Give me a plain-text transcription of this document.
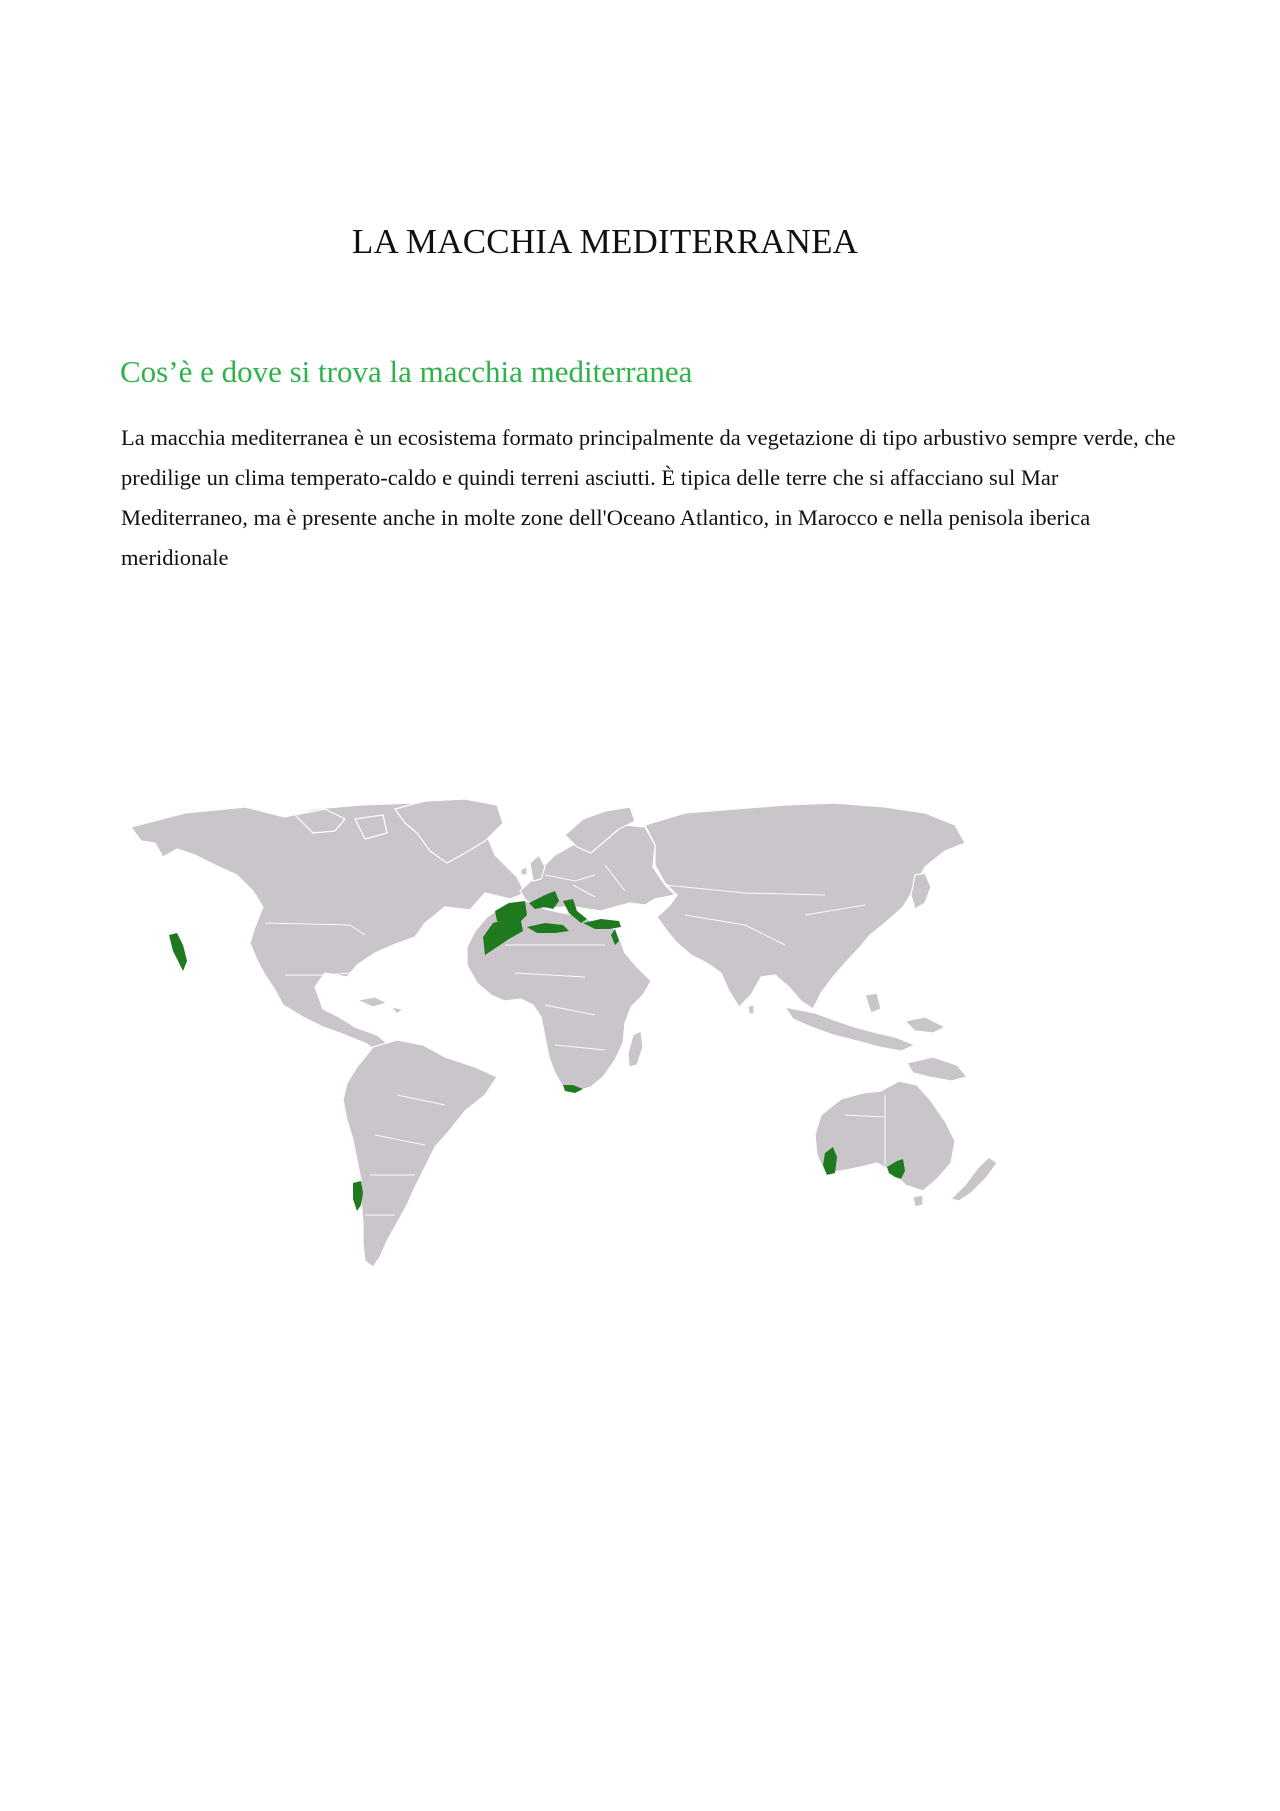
LA MACCHIA MEDITERRANEA
Cos’è e dove si trova la macchia mediterranea

La macchia mediterranea è un ecosistema formato principalmente da vegetazione di tipo arbustivo sempre verde, che predilige un clima temperato-caldo e quindi terreni asciutti. È tipica delle terre che si affacciano sul Mar Mediterraneo, ma è presente anche in molte zone dell'Oceano Atlantico, in Marocco e nella penisola iberica meridionale
